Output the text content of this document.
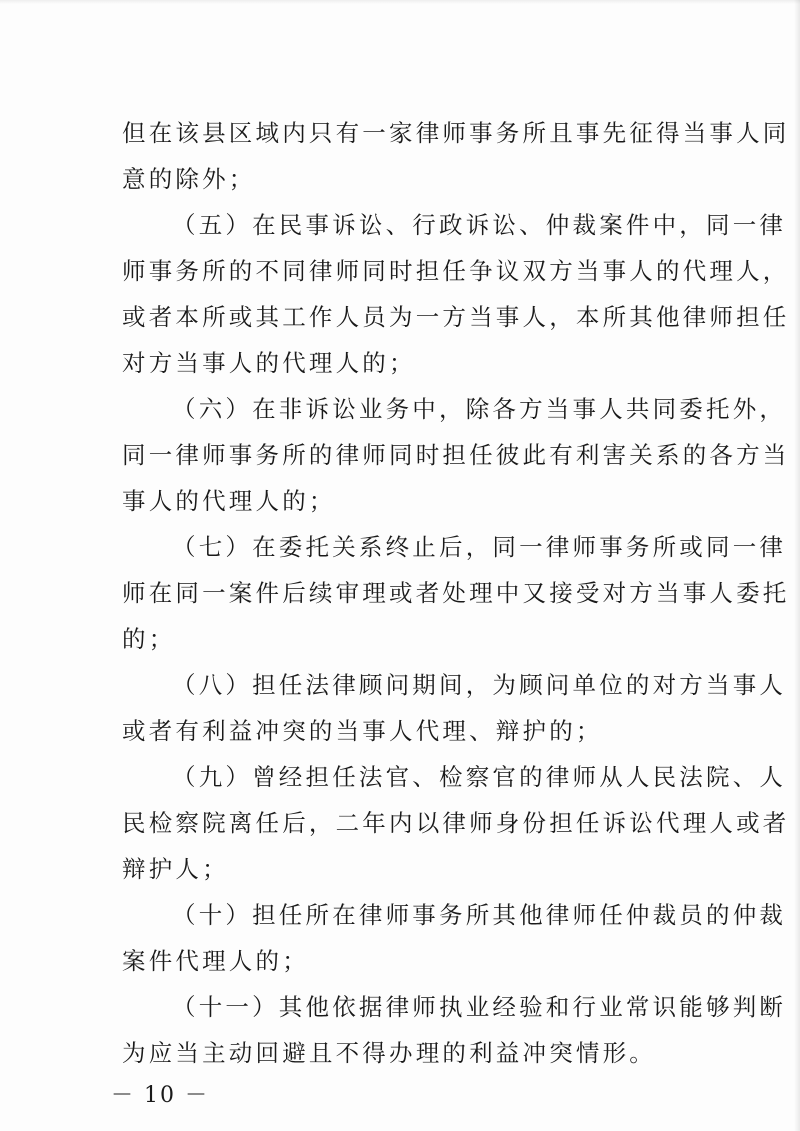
但在该县区域内只有一家律师事务所且事先征得当事人同
意的除外；
（五）在民事诉讼、行政诉讼、仲裁案件中，同一律
师事务所的不同律师同时担任争议双方当事人的代理人，
或者本所或其工作人员为一方当事人，本所其他律师担任
对方当事人的代理人的；
（六）在非诉讼业务中，除各方当事人共同委托外，
同一律师事务所的律师同时担任彼此有利害关系的各方当
事人的代理人的；
（七）在委托关系终止后，同一律师事务所或同一律
师在同一案件后续审理或者处理中又接受对方当事人委托
的；
（八）担任法律顾问期间，为顾问单位的对方当事人
或者有利益冲突的当事人代理、辩护的；
（九）曾经担任法官、检察官的律师从人民法院、人
民检察院离任后，二年内以律师身份担任诉讼代理人或者
辩护人；
（十）担任所在律师事务所其他律师任仲裁员的仲裁
案件代理人的；
（十一）其他依据律师执业经验和行业常识能够判断
为应当主动回避且不得办理的利益冲突情形。
－ 10 －
